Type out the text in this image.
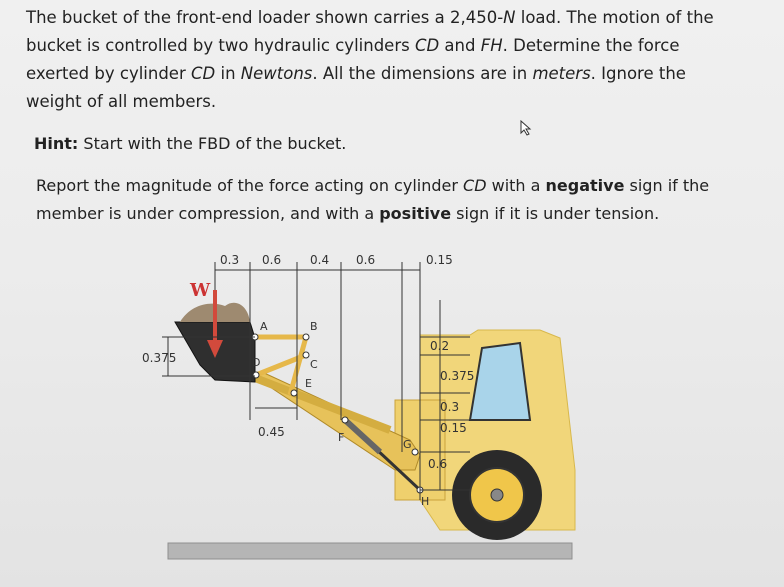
The bucket of the front-end loader shown carries a 2,450-N load. The motion of the bucket is controlled by two hydraulic cylinders CD and FH. Determine the force exerted by cylinder CD in Newtons. All the dimensions are in meters. Ignore the weight of all members.

Hint: Start with the FBD of the bucket.

Report the magnitude of the force acting on cylinder CD with a negative sign if the
member is under compression, and with a positive sign if it is under tension.

W
0.3 0.6 0.4 0.6	0.15
0.375
0.45
0.2
0.375
0.3
0.15
0.6
A	B
C
D
E
F
G
H
